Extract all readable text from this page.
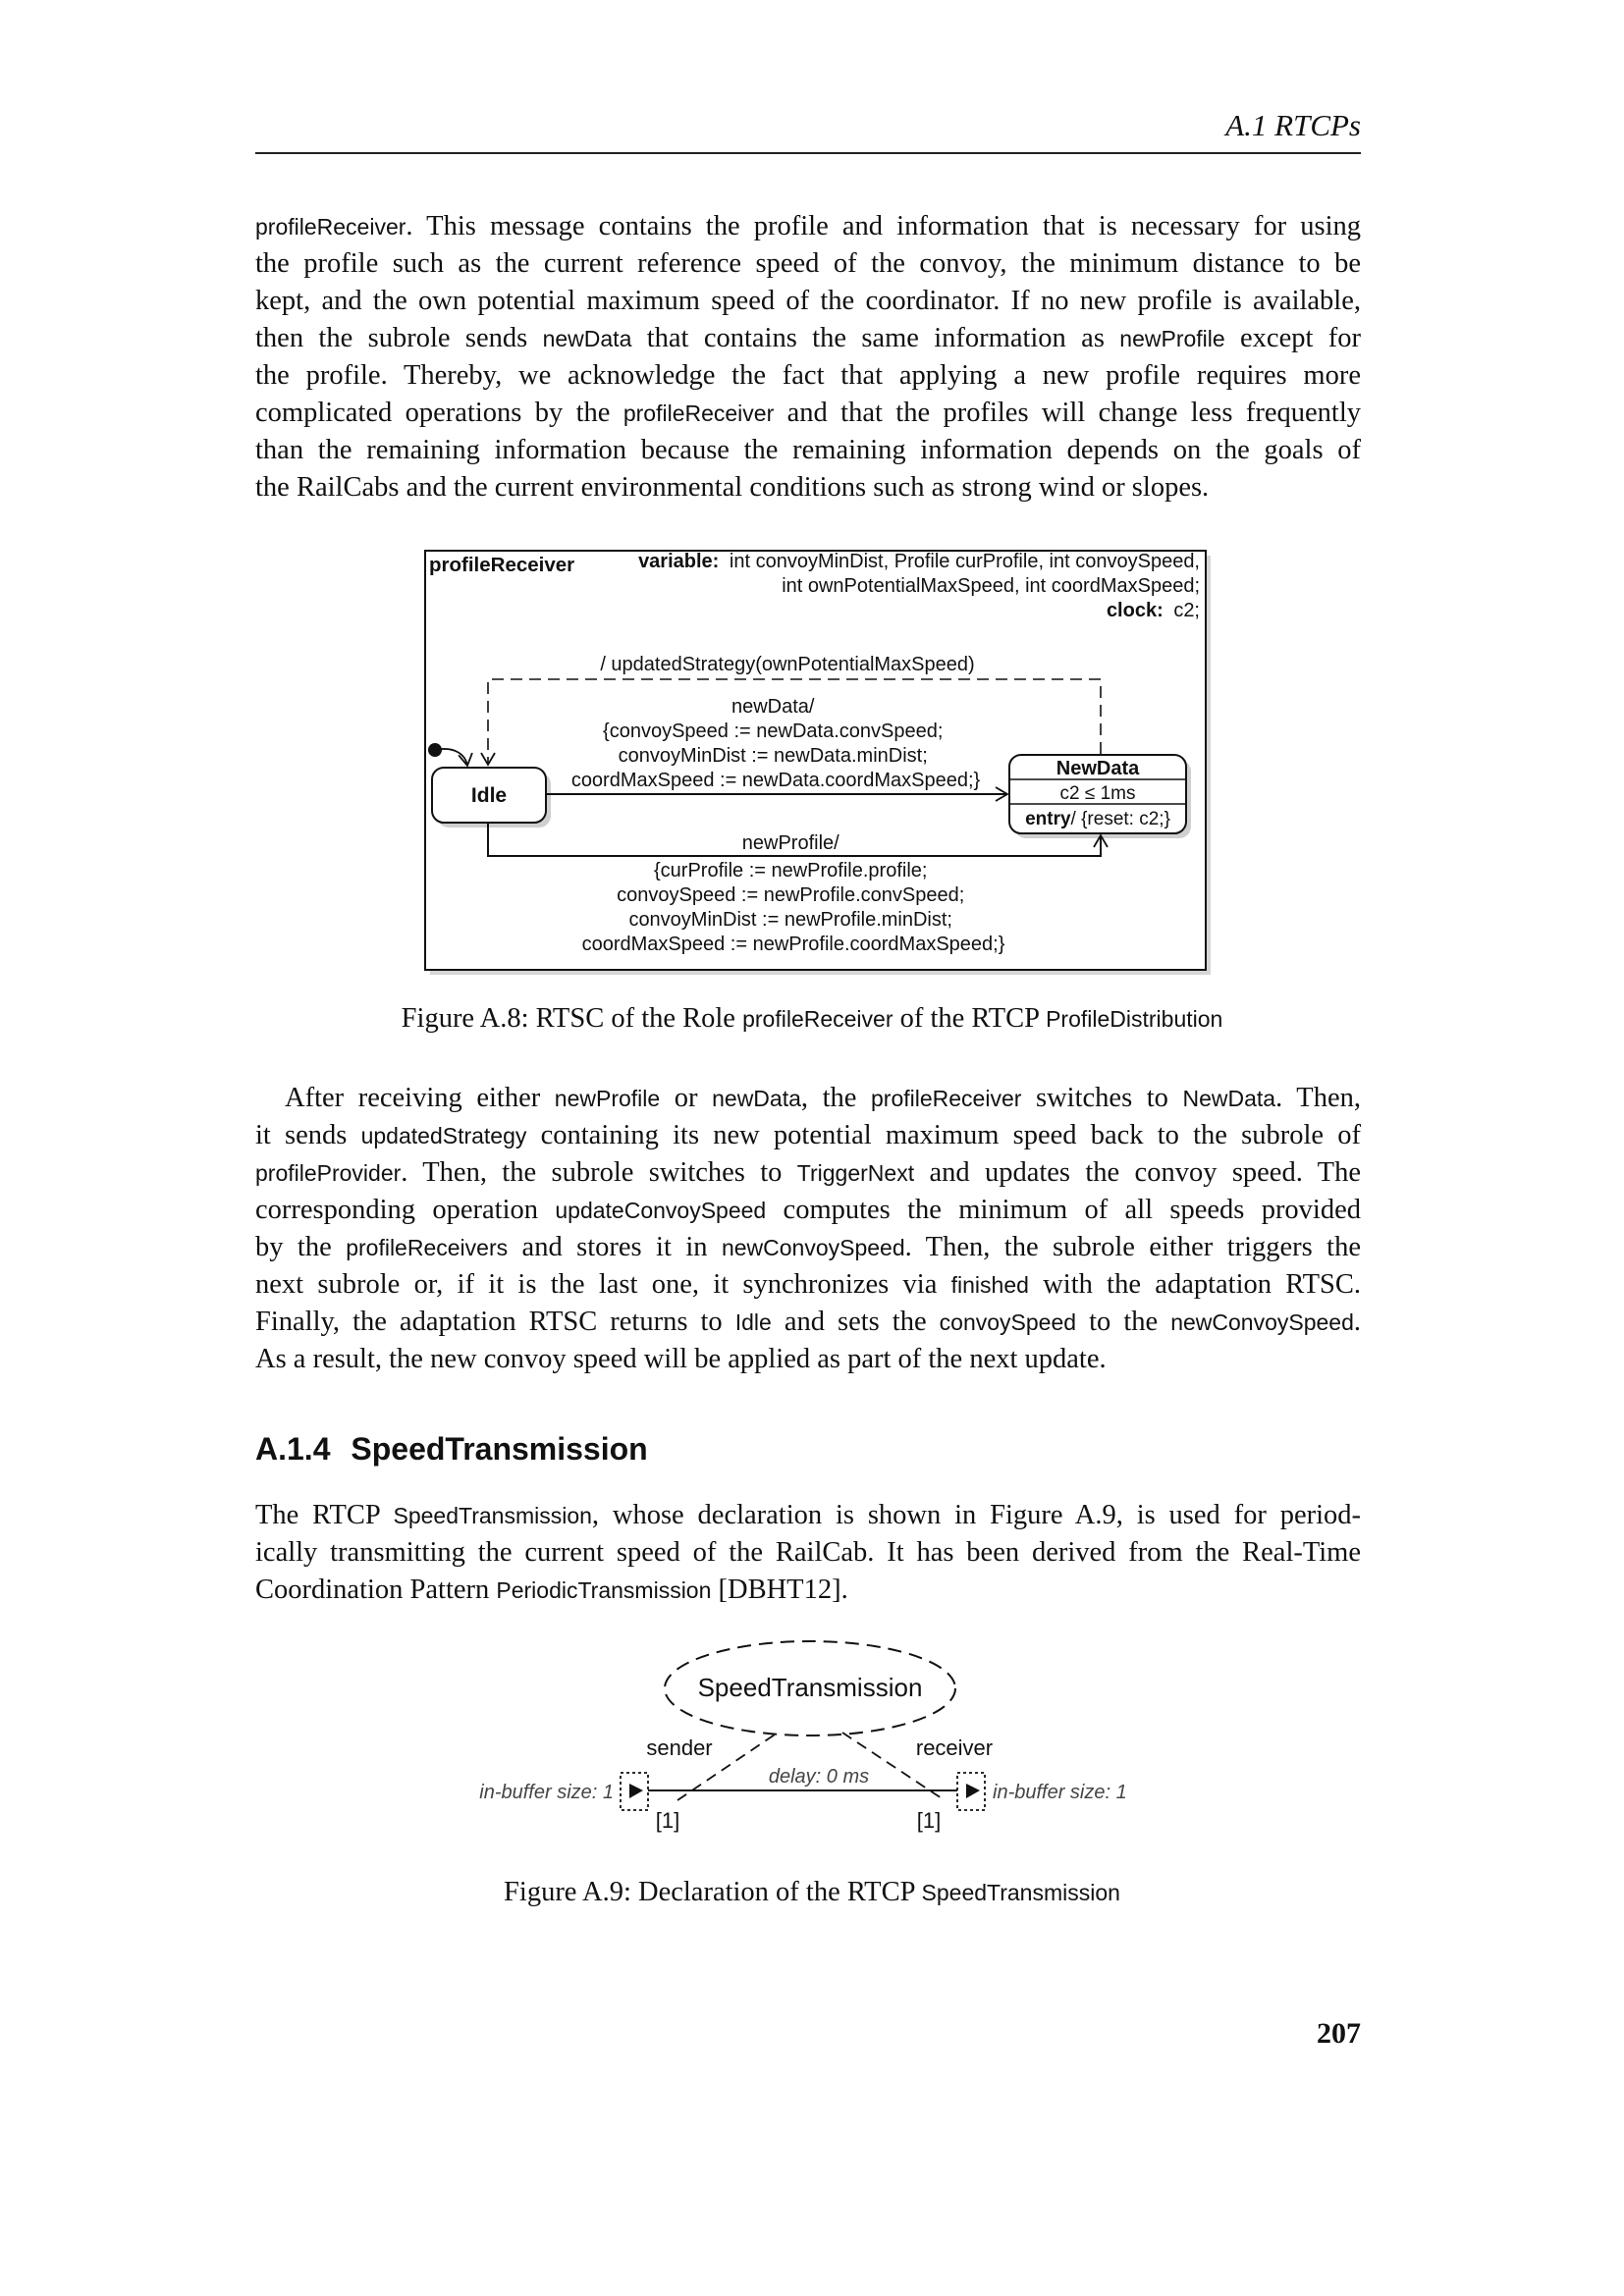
A.1 RTCPs
profileReceiver. This message contains the profile and information that is necessary for using
the profile such as the current reference speed of the convoy, the minimum distance to be
kept, and the own potential maximum speed of the coordinator. If no new profile is available,
then the subrole sends newData that contains the same information as newProfile except for
the profile. Thereby, we acknowledge the fact that applying a new profile requires more
complicated operations by the profileReceiver and that the profiles will change less frequently
than the remaining information because the remaining information depends on the goals of
the RailCabs and the current environmental conditions such as strong wind or slopes.
profileReceiver	variable: int convoyMinDist, Profile curProfile, int convoySpeed,
int ownPotentialMaxSpeed, int coordMaxSpeed;
clock: c2;
/ updatedStrategy(ownPotentialMaxSpeed)
Idle
NewData
c2 ≤ 1ms
entry/ {reset: c2;}
newData/ {convoySpeed := newData.convSpeed; convoyMinDist := newData.minDist; coordMaxSpeed := newData.coordMaxSpeed;}
newProfile/ {curProfile := newProfile.profile; convoySpeed := newProfile.convSpeed; convoyMinDist := newProfile.minDist; coordMaxSpeed := newProfile.coordMaxSpeed;}
Figure A.8: RTSC of the Role profileReceiver of the RTCP ProfileDistribution
After receiving either newProfile or newData, the profileReceiver switches to NewData. Then,
it sends updatedStrategy containing its new potential maximum speed back to the subrole of
profileProvider. Then, the subrole switches to TriggerNext and updates the convoy speed. The
corresponding operation updateConvoySpeed computes the minimum of all speeds provided
by the profileReceivers and stores it in newConvoySpeed. Then, the subrole either triggers the
next subrole or, if it is the last one, it synchronizes via finished with the adaptation RTSC.
Finally, the adaptation RTSC returns to Idle and sets the convoySpeed to the newConvoySpeed.
As a result, the new convoy speed will be applied as part of the next update.
A.1.4 SpeedTransmission
The RTCP SpeedTransmission, whose declaration is shown in Figure A.9, is used for period-
ically transmitting the current speed of the RailCab. It has been derived from the Real-Time
Coordination Pattern PeriodicTransmission [DBHT12].
SpeedTransmission
sender	receiver
delay: 0 ms
in-buffer size: 1	in-buffer size: 1
[1]	[1]
Figure A.9: Declaration of the RTCP SpeedTransmission
207
